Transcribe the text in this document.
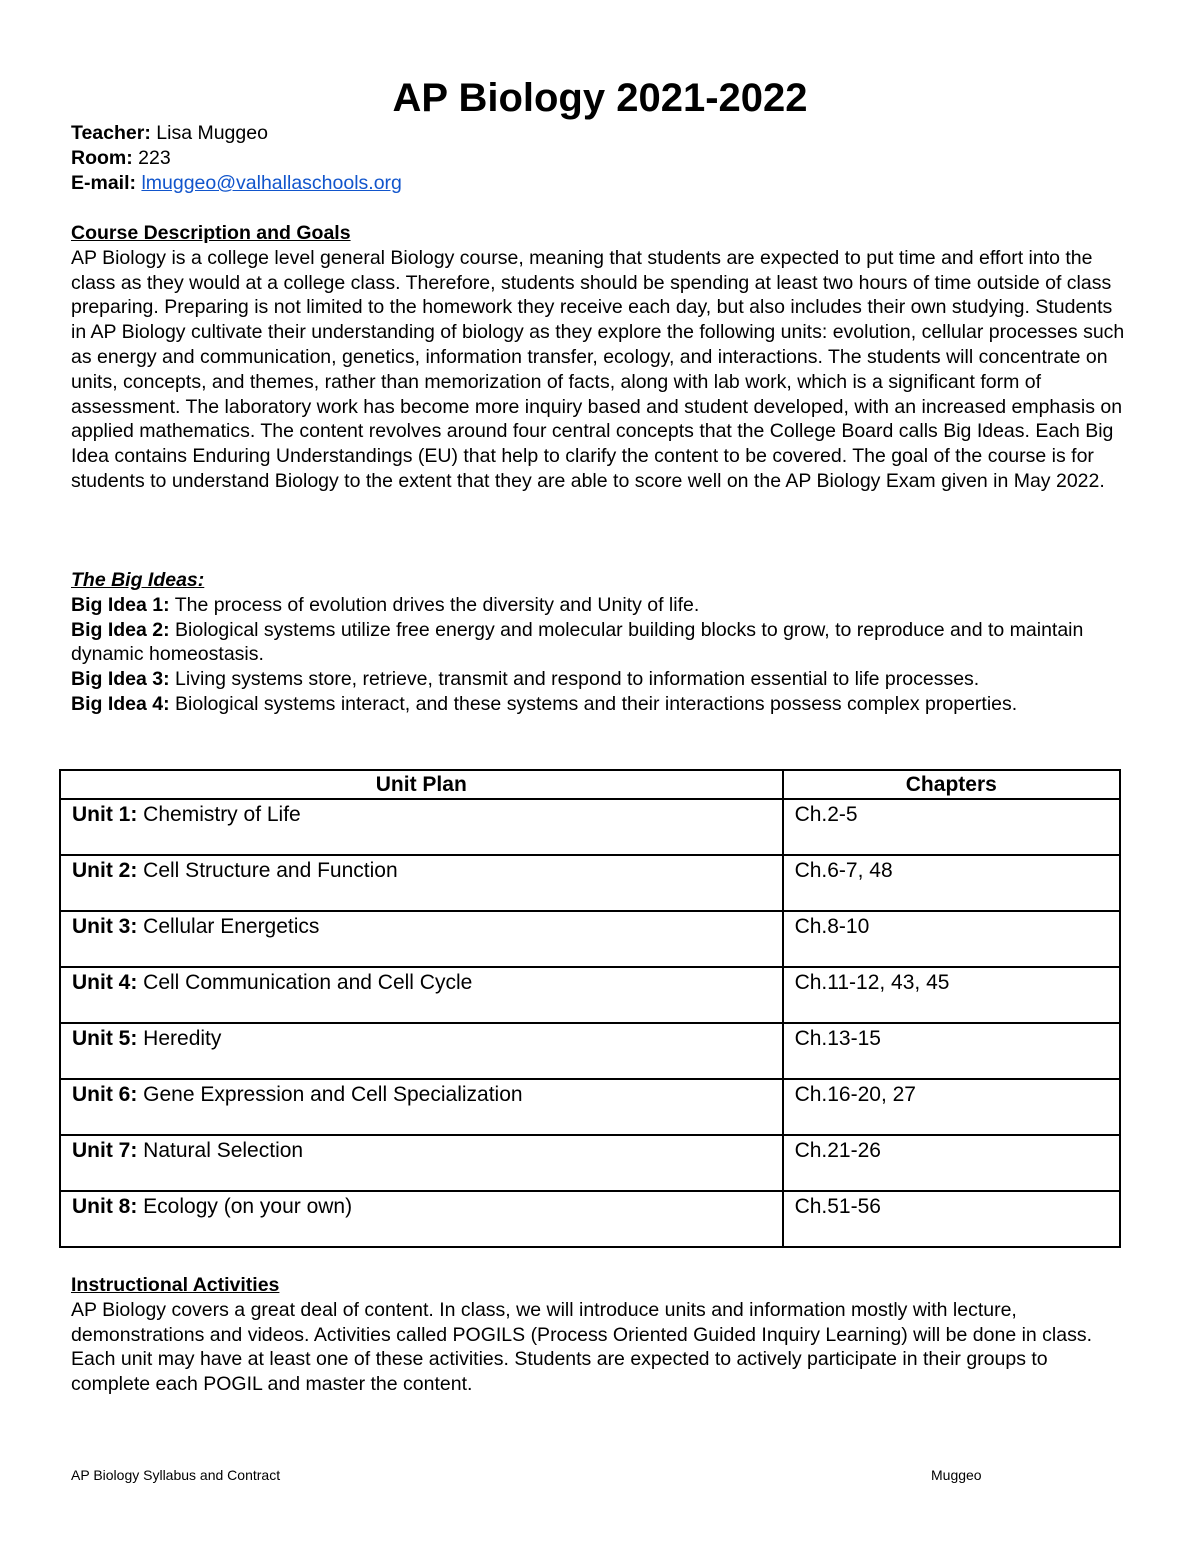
AP Biology 2021-2022
Teacher: Lisa Muggeo
Room: 223
E-mail: lmuggeo@valhallaschools.org
Course Description and Goals

AP Biology is a college level general Biology course, meaning that students are expected to put time and effort into the class as they would at a college class. Therefore, students should be spending at least two hours of time outside of class preparing. Preparing is not limited to the homework they receive each day, but also includes their own studying. Students in AP Biology cultivate their understanding of biology as they explore the following units: evolution, cellular processes such as energy and communication, genetics, information transfer, ecology, and interactions. The students will concentrate on units, concepts, and themes, rather than memorization of facts, along with lab work, which is a significant form of assessment. The laboratory work has become more inquiry based and student developed, with an increased emphasis on applied mathematics. The content revolves around four central concepts that the College Board calls Big Ideas. Each Big Idea contains Enduring Understandings (EU) that help to clarify the content to be covered. The goal of the course is for students to understand Biology to the extent that they are able to score well on the AP Biology Exam given in May 2022.

The Big Ideas:
Big Idea 1: The process of evolution drives the diversity and Unity of life.
Big Idea 2: Biological systems utilize free energy and molecular building blocks to grow, to reproduce and to maintain dynamic homeostasis.
Big Idea 3: Living systems store, retrieve, transmit and respond to information essential to life processes.
Big Idea 4: Biological systems interact, and these systems and their interactions possess complex properties.
Unit Plan	Chapters
Unit 1: Chemistry of Life	Ch.2-5
Unit 2: Cell Structure and Function	Ch.6-7, 48
Unit 3: Cellular Energetics	Ch.8-10
Unit 4: Cell Communication and Cell Cycle	Ch.11-12, 43, 45
Unit 5: Heredity	Ch.13-15
Unit 6: Gene Expression and Cell Specialization	Ch.16-20, 27
Unit 7: Natural Selection	Ch.21-26
Unit 8: Ecology (on your own)	Ch.51-56
Instructional Activities

AP Biology covers a great deal of content. In class, we will introduce units and information mostly with lecture, demonstrations and videos. Activities called POGILS (Process Oriented Guided Inquiry Learning) will be done in class. Each unit may have at least one of these activities. Students are expected to actively participate in their groups to complete each POGIL and master the content.

AP Biology Syllabus and Contract	Muggeo
